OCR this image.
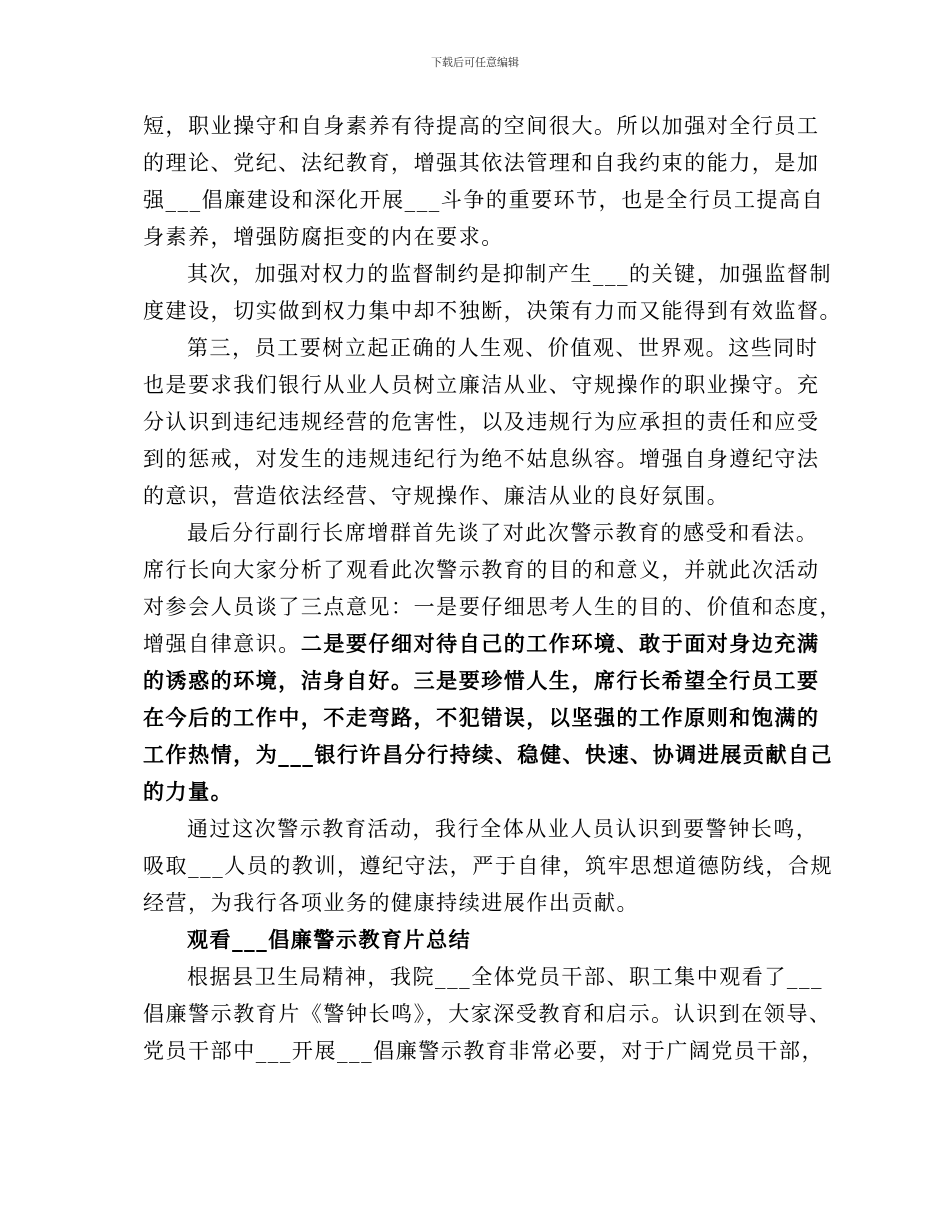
下载后可任意编辑
短，职业操守和自身素养有待提高的空间很大。所以加强对全行员工
的理论、党纪、法纪教育，增强其依法管理和自我约束的能力，是加
强___倡廉建设和深化开展___斗争的重要环节，也是全行员工提高自
身素养，增强防腐拒变的内在要求。
其次，加强对权力的监督制约是抑制产生___的关键，加强监督制
度建设，切实做到权力集中却不独断，决策有力而又能得到有效监督。
第三，员工要树立起正确的人生观、价值观、世界观。这些同时
也是要求我们银行从业人员树立廉洁从业、守规操作的职业操守。充
分认识到违纪违规经营的危害性，以及违规行为应承担的责任和应受
到的惩戒，对发生的违规违纪行为绝不姑息纵容。增强自身遵纪守法
的意识，营造依法经营、守规操作、廉洁从业的良好氛围。
最后分行副行长席增群首先谈了对此次警示教育的感受和看法。
席行长向大家分析了观看此次警示教育的目的和意义，并就此次活动
对参会人员谈了三点意见：一是要仔细思考人生的目的、价值和态度，
增强自律意识。二是要仔细对待自己的工作环境、敢于面对身边充满
的诱惑的环境，洁身自好。三是要珍惜人生，席行长希望全行员工要
在今后的工作中，不走弯路，不犯错误，以坚强的工作原则和饱满的
工作热情，为___银行许昌分行持续、稳健、快速、协调进展贡献自己
的力量。
通过这次警示教育活动，我行全体从业人员认识到要警钟长鸣，
吸取___人员的教训，遵纪守法，严于自律，筑牢思想道德防线，合规
经营，为我行各项业务的健康持续进展作出贡献。
观看___倡廉警示教育片总结
根据县卫生局精神，我院___全体党员干部、职工集中观看了___
倡廉警示教育片《警钟长鸣》，大家深受教育和启示。认识到在领导、
党员干部中___开展___倡廉警示教育非常必要，对于广阔党员干部，
